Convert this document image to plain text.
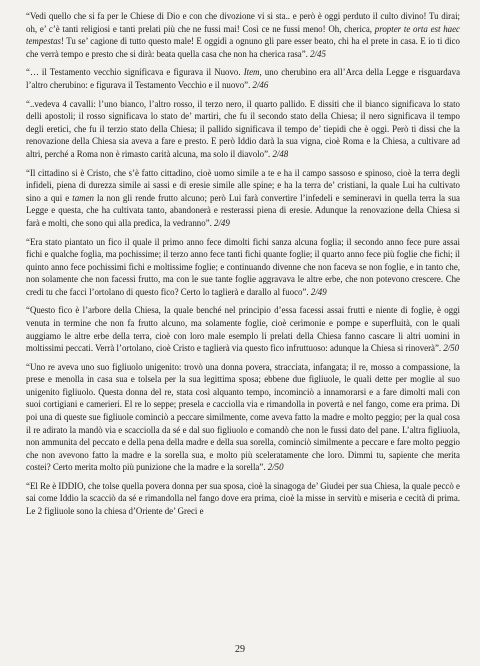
“Vedi quello che si fa per le Chiese di Dio e con che divozione vi si sta.. e però è oggi perduto il culto divino! Tu dirai; oh, e’ c’è tanti religiosi e tanti prelati più che ne fussi mai! Così ce ne fussi meno! Oh, cherica, propter te orta est haec tempestas! Tu se’ cagione di tutto questo male! E oggidì a ognuno gli pare esser beato, chi ha el prete in casa. E io ti dico che verrà tempo e presto che si dirà: beata quella casa che non ha cherica rasa”. 2/45

“… il Testamento vecchio significava e figurava il Nuovo. Item, uno cherubino era all’Arca della Legge e risguardava l’altro cherubino: e figurava il Testamento Vecchio e il nuovo”. 2/46

“..vedeva 4 cavalli: l’uno bianco, l’altro rosso, il terzo nero, il quarto pallido. E dissiti che il bianco significava lo stato delli apostoli; il rosso significava lo stato de’ martiri, che fu il secondo stato della Chiesa; il nero significava il tempo degli eretici, che fu il terzio stato della Chiesa; il pallido significava il tempo de’ tiepidi che è oggi. Però ti dissi che la renovazione della Chiesa sia aveva a fare e presto. E però Iddio darà la sua vigna, cioè Roma e la Chiesa, a cultivare ad altri, perché a Roma non è rimasto carità alcuna, ma solo il diavolo”. 2/48

“Il cittadino si è Cristo, che s’è fatto cittadino, cioè uomo simile a te e ha il campo sassoso e spinoso, cioè la terra degli infideli, piena di durezza simile ai sassi e di eresie simile alle spine; e ha la terra de’ cristiani, la quale Lui ha cultivato sino a qui e tamen la non gli rende frutto alcuno; però Lui farà convertire l’infedeli e semineravi in quella terra la sua Legge e questa, che ha cultivata tanto, abandonerà e resterassi piena di eresie. Adunque la renovazione della Chiesa si farà e molti, che sono qui alla predica, la vedranno”. 2/49

“Era stato piantato un fico il quale il primo anno fece dimolti fichi sanza alcuna foglia; il secondo anno fece pure assai fichi e qualche foglia, ma pochissime; il terzo anno fece tanti fichi quante foglie; il quarto anno fece più foglie che fichi; il quinto anno fece pochissimi fichi e moltissime foglie; e continuando divenne che non faceva se non foglie, e in tanto che, non solamente che non facessi frutto, ma con le sue tante foglie aggravava le altre erbe, che non potevono crescere. Che credi tu che facci l’ortolano di questo fico? Certo lo taglierà e darallo al fuoco”. 2/49

“Questo fico è l’arbore della Chiesa, la quale benché nel principio d’essa facessi assai frutti e niente di foglie, è oggi venuta in termine che non fa frutto alcuno, ma solamente foglie, cioè cerimonie e pompe e superfluità, con le quali auggiamo le altre erbe della terra, cioè con loro male esemplo li prelati della Chiesa fanno cascare li altri uomini in moltissimi peccati. Verrà l’ortolano, cioè Cristo e taglierà via questo fico infruttuoso: adunque la Chiesa si rinoverà”. 2/50

“Uno re aveva uno suo figliuolo unigenito: trovò una donna povera, stracciata, infangata; il re, mosso a compassione, la prese e menolla in casa sua e tolsela per la sua legittima sposa; ebbene due figliuole, le quali dette per moglie al suo unigenito figliuolo. Questa donna del re, stata così alquanto tempo, incominciò a innamorarsi e a fare dimolti mali con suoi cortigiani e camerieri. El re lo seppe; presela e cacciolla via e rimandolla in povertà e nel fango, come era prima. Di poi una di queste sue figliuole cominciò a peccare similmente, come aveva fatto la madre e molto peggio; per la qual cosa il re adirato la mandò via e scacciolla da sé e dal suo figliuolo e comandò che non le fussi dato del pane. L’altra figliuola, non ammunita del peccato e della pena della madre e della sua sorella, cominciò similmente a peccare e fare molto peggio che non avevono fatto la madre e la sorella sua, e molto più sceleratamente che loro. Dimmi tu, sapiente che merita costei? Certo merita molto più punizione che la madre e la sorella”. 2/50

“El Re è IDDIO, che tolse quella povera donna per sua sposa, cioè la sinagoga de’ Giudei per sua Chiesa, la quale peccò e sai come Iddio la scacciò da sé e rimandolla nel fango dove era prima, cioè la misse in servitù e miseria e cecità di prima. Le 2 figliuole sono la chiesa d’Oriente de’ Greci e

29
